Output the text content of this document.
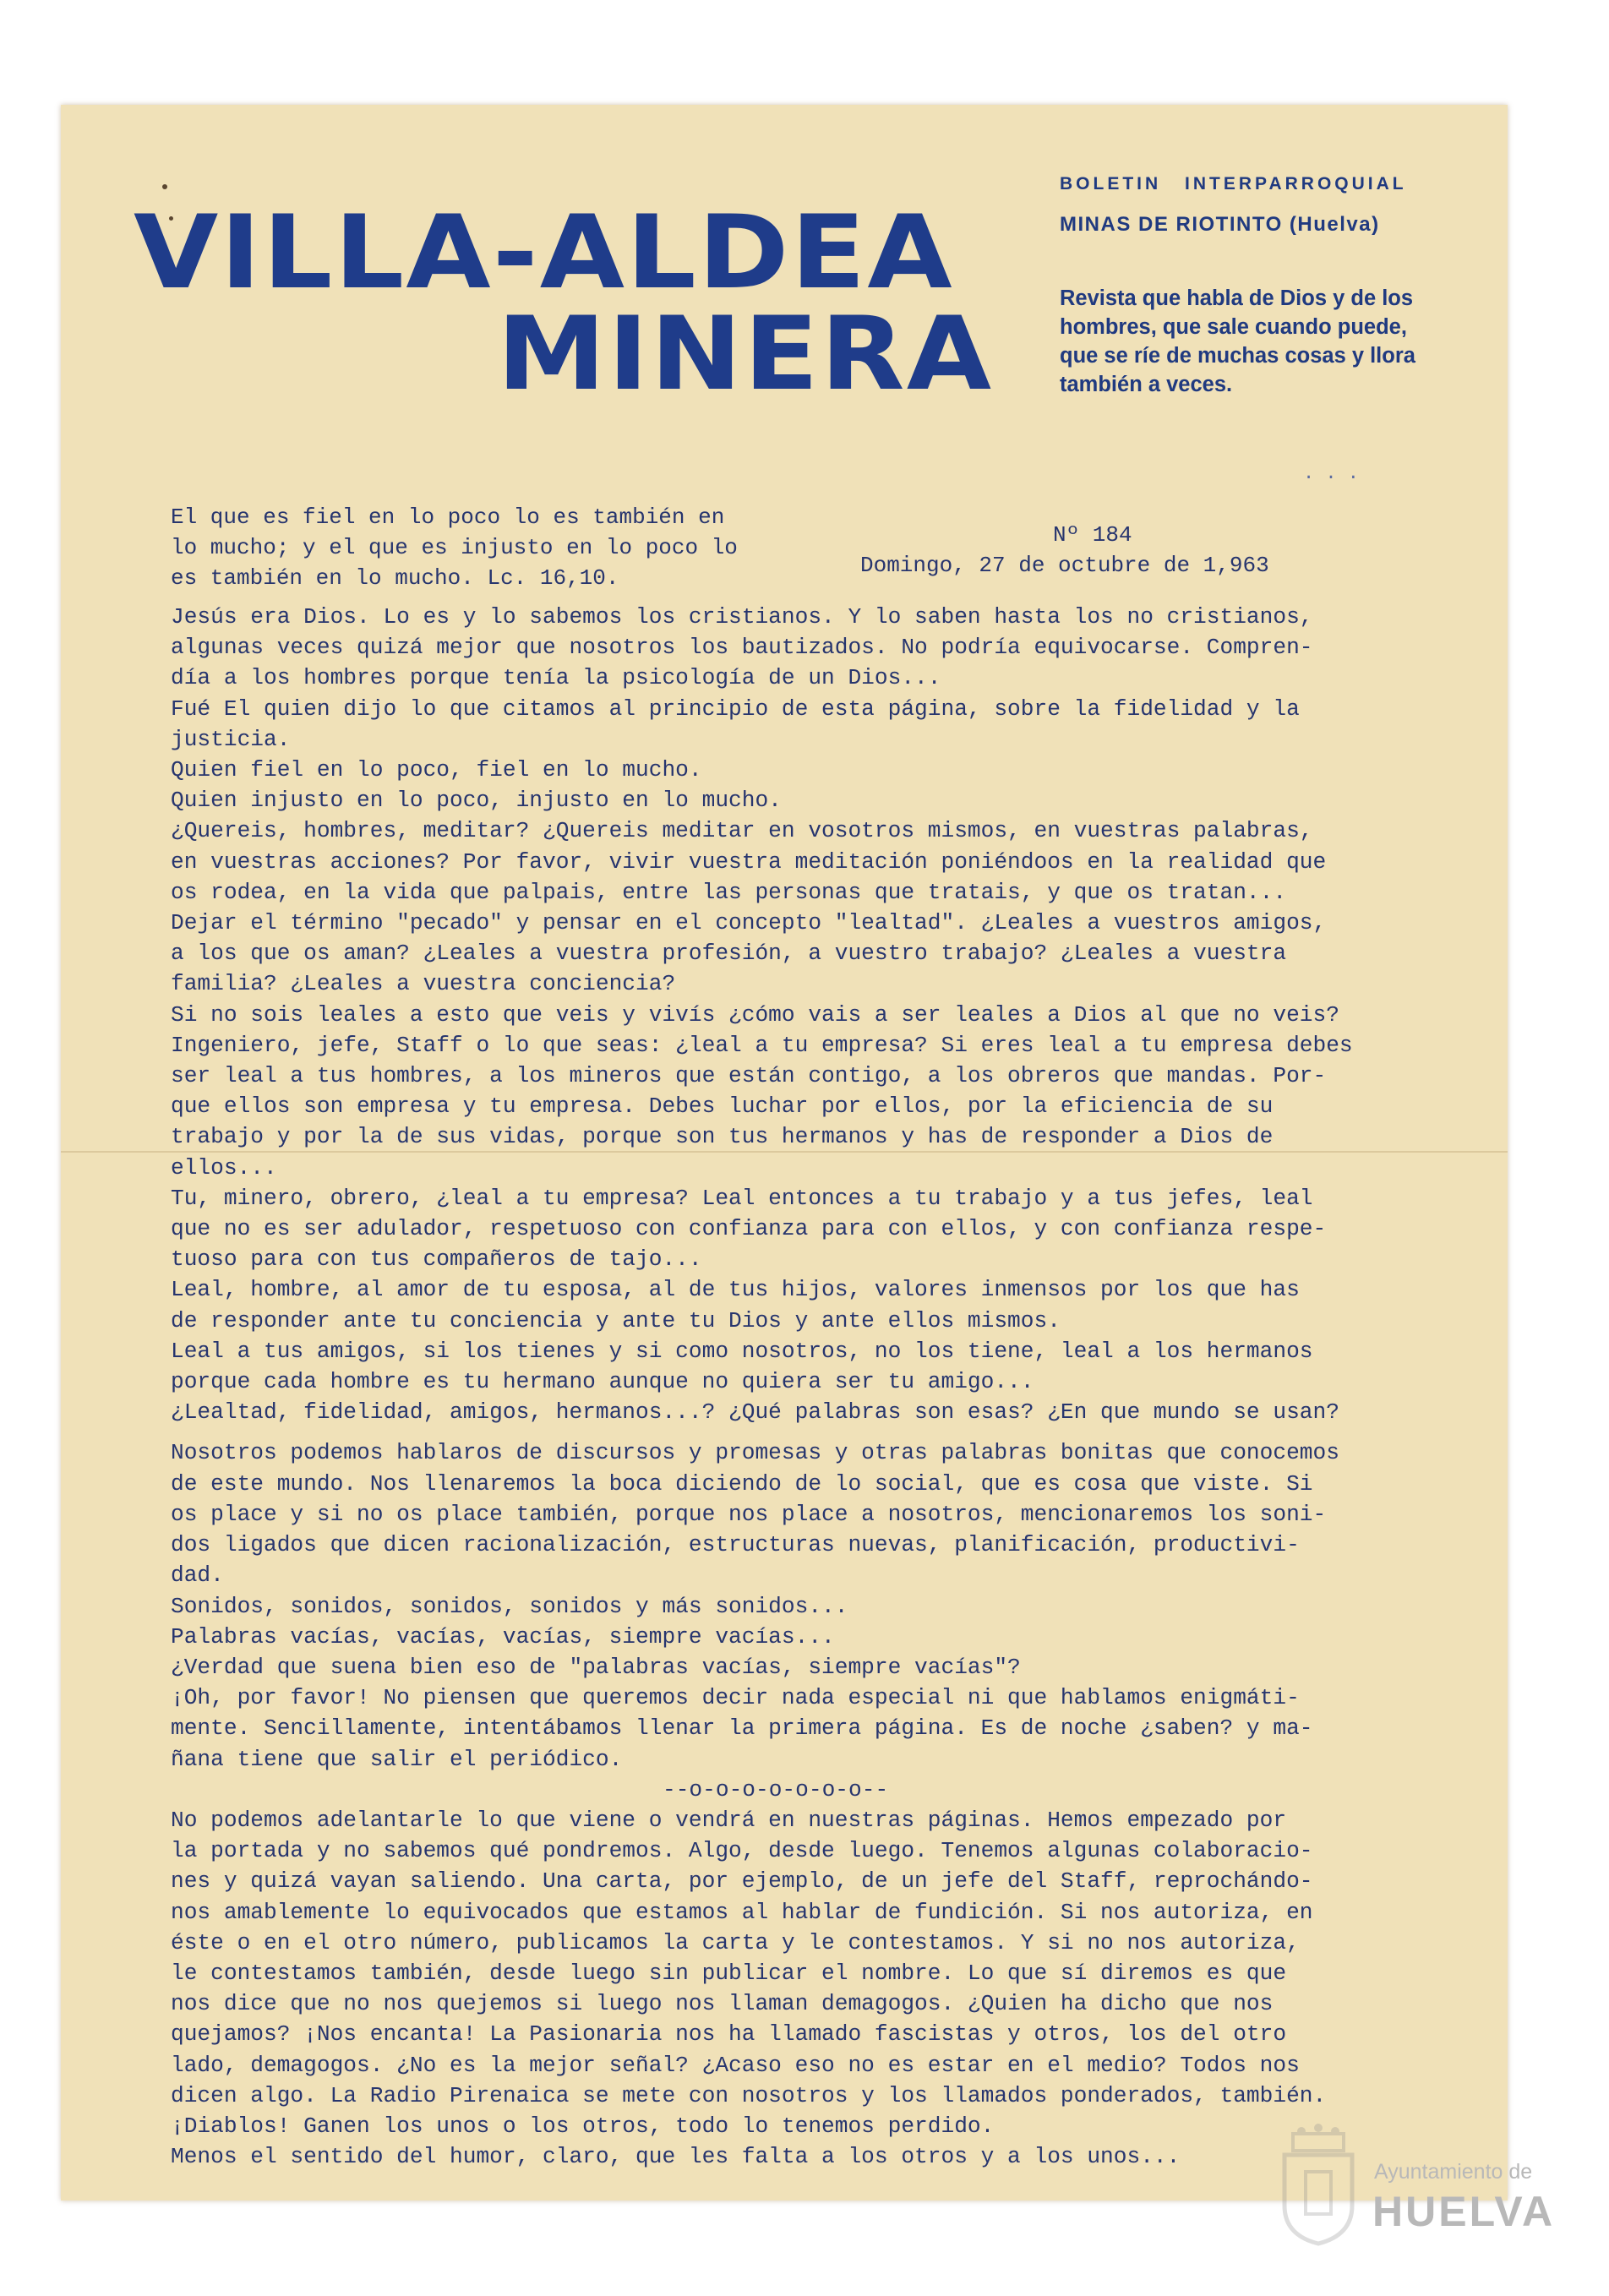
VILLA-ALDEA
MINERA
BOLETIN INTERPARROQUIAL
MINAS DE RIOTINTO (Huelva)
Revista que habla de Dios y de los hombres, que sale cuando puede, que se ríe de muchas cosas y llora también a veces.
. . .
El que es fiel en lo poco lo es también en
lo mucho; y el que es injusto en lo poco lo
es también en lo mucho. Lc. 16,10.
Nº 184
Domingo, 27 de octubre de 1,963
Jesús era Dios. Lo es y lo sabemos los cristianos. Y lo saben hasta los no cristianos,
algunas veces quizá mejor que nosotros los bautizados. No podría equivocarse. Compren-
día a los hombres porque tenía la psicología de un Dios...
Fué El quien dijo lo que citamos al principio de esta página, sobre la fidelidad y la
justicia.
Quien fiel en lo poco, fiel en lo mucho.
Quien injusto en lo poco, injusto en lo mucho.
¿Quereis, hombres, meditar? ¿Quereis meditar en vosotros mismos, en vuestras palabras,
en vuestras acciones? Por favor, vivir vuestra meditación poniéndoos en la realidad que
os rodea, en la vida que palpais, entre las personas que tratais, y que os tratan...
Dejar el término "pecado" y pensar en el concepto "lealtad". ¿Leales a vuestros amigos,
a los que os aman? ¿Leales a vuestra profesión, a vuestro trabajo? ¿Leales a vuestra
familia? ¿Leales a vuestra conciencia?
Si no sois leales a esto que veis y vivís ¿cómo vais a ser leales a Dios al que no veis?
Ingeniero, jefe, Staff o lo que seas: ¿leal a tu empresa? Si eres leal a tu empresa debes
ser leal a tus hombres, a los mineros que están contigo, a los obreros que mandas. Por-
que ellos son empresa y tu empresa. Debes luchar por ellos, por la eficiencia de su
trabajo y por la de sus vidas, porque son tus hermanos y has de responder a Dios de
ellos...
Tu, minero, obrero, ¿leal a tu empresa? Leal entonces a tu trabajo y a tus jefes, leal
que no es ser adulador, respetuoso con confianza para con ellos, y con confianza respe-
tuoso para con tus compañeros de tajo...
Leal, hombre, al amor de tu esposa, al de tus hijos, valores inmensos por los que has
de responder ante tu conciencia y ante tu Dios y ante ellos mismos.
Leal a tus amigos, si los tienes y si como nosotros, no los tiene, leal a los hermanos
porque cada hombre es tu hermano aunque no quiera ser tu amigo...
¿Lealtad, fidelidad, amigos, hermanos...? ¿Qué palabras son esas? ¿En que mundo se usan?
Nosotros podemos hablaros de discursos y promesas y otras palabras bonitas que conocemos
de este mundo. Nos llenaremos la boca diciendo de lo social, que es cosa que viste. Si
os place y si no os place también, porque nos place a nosotros, mencionaremos los soni-
dos ligados que dicen racionalización, estructuras nuevas, planificación, productivi-
dad.
Sonidos, sonidos, sonidos, sonidos y más sonidos...
Palabras vacías, vacías, vacías, siempre vacías...
¿Verdad que suena bien eso de "palabras vacías, siempre vacías"?
¡Oh, por favor! No piensen que queremos decir nada especial ni que hablamos enigmáti-
mente. Sencillamente, intentábamos llenar la primera página. Es de noche ¿saben? y ma-
ñana tiene que salir el periódico.
--o-o-o-o-o-o-o--
No podemos adelantarle lo que viene o vendrá en nuestras páginas. Hemos empezado por
la portada y no sabemos qué pondremos. Algo, desde luego. Tenemos algunas colaboracio-
nes y quizá vayan saliendo. Una carta, por ejemplo, de un jefe del Staff, reprochándo-
nos amablemente lo equivocados que estamos al hablar de fundición. Si nos autoriza, en
éste o en el otro número, publicamos la carta y le contestamos. Y si no nos autoriza,
le contestamos también, desde luego sin publicar el nombre. Lo que sí diremos es que
nos dice que no nos quejemos si luego nos llaman demagogos. ¿Quien ha dicho que nos
quejamos? ¡Nos encanta! La Pasionaria nos ha llamado fascistas y otros, los del otro
lado, demagogos. ¿No es la mejor señal? ¿Acaso eso no es estar en el medio? Todos nos
dicen algo. La Radio Pirenaica se mete con nosotros y los llamados ponderados, también.
¡Diablos! Ganen los unos o los otros, todo lo tenemos perdido.
Menos el sentido del humor, claro, que les falta a los otros y a los unos...
Ayuntamiento de
HUELVA
